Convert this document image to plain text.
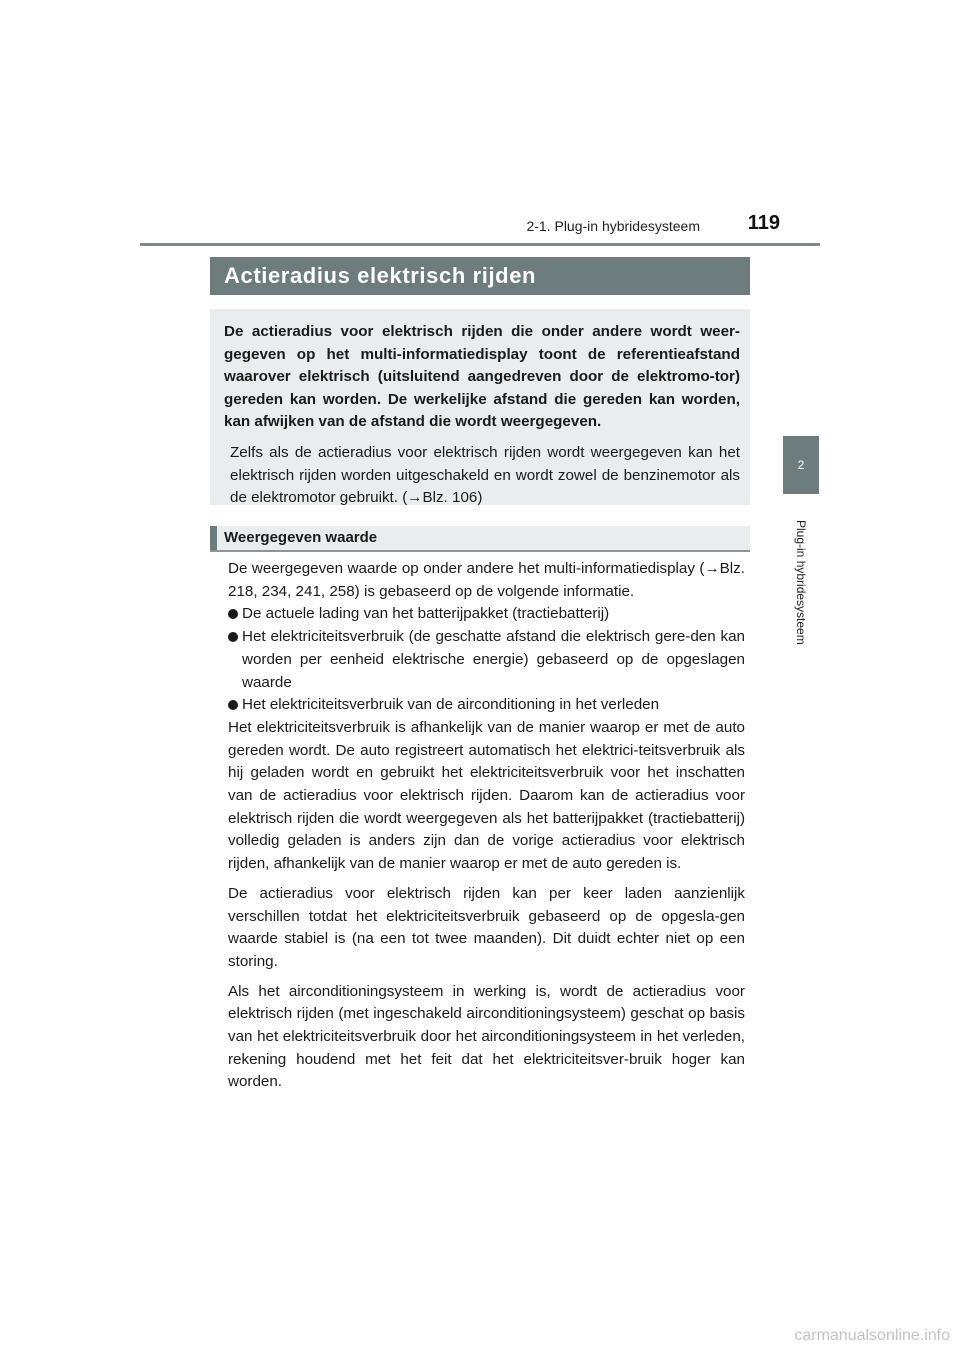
2-1. Plug-in hybridesysteem	119
2
Plug-in hybridesysteem
Actieradius elektrisch rijden
De actieradius voor elektrisch rijden die onder andere wordt weer-gegeven op het multi-informatiedisplay toont de referentieafstand waarover elektrisch (uitsluitend aangedreven door de elektromo-tor) gereden kan worden. De werkelijke afstand die gereden kan worden, kan afwijken van de afstand die wordt weergegeven.
Zelfs als de actieradius voor elektrisch rijden wordt weergegeven kan het elektrisch rijden worden uitgeschakeld en wordt zowel de benzinemotor als de elektromotor gebruikt. (→Blz. 106)
Weergegeven waarde

De weergegeven waarde op onder andere het multi-informatiedisplay (→Blz. 218, 234, 241, 258) is gebaseerd op de volgende informatie.

De actuele lading van het batterijpakket (tractiebatterij)
Het elektriciteitsverbruik (de geschatte afstand die elektrisch gere-den kan worden per eenheid elektrische energie) gebaseerd op de opgeslagen waarde
Het elektriciteitsverbruik van de airconditioning in het verleden

Het elektriciteitsverbruik is afhankelijk van de manier waarop er met de auto gereden wordt. De auto registreert automatisch het elektrici-teitsverbruik als hij geladen wordt en gebruikt het elektriciteitsverbruik voor het inschatten van de actieradius voor elektrisch rijden. Daarom kan de actieradius voor elektrisch rijden die wordt weergegeven als het batterijpakket (tractiebatterij) volledig geladen is anders zijn dan de vorige actieradius voor elektrisch rijden, afhankelijk van de manier waarop er met de auto gereden is.

De actieradius voor elektrisch rijden kan per keer laden aanzienlijk verschillen totdat het elektriciteitsverbruik gebaseerd op de opgesla-gen waarde stabiel is (na een tot twee maanden). Dit duidt echter niet op een storing.

Als het airconditioningsysteem in werking is, wordt de actieradius voor elektrisch rijden (met ingeschakeld airconditioningsysteem) geschat op basis van het elektriciteitsverbruik door het airconditioningsysteem in het verleden, rekening houdend met het feit dat het elektriciteitsver-bruik hoger kan worden.

carmanualsonline.info
